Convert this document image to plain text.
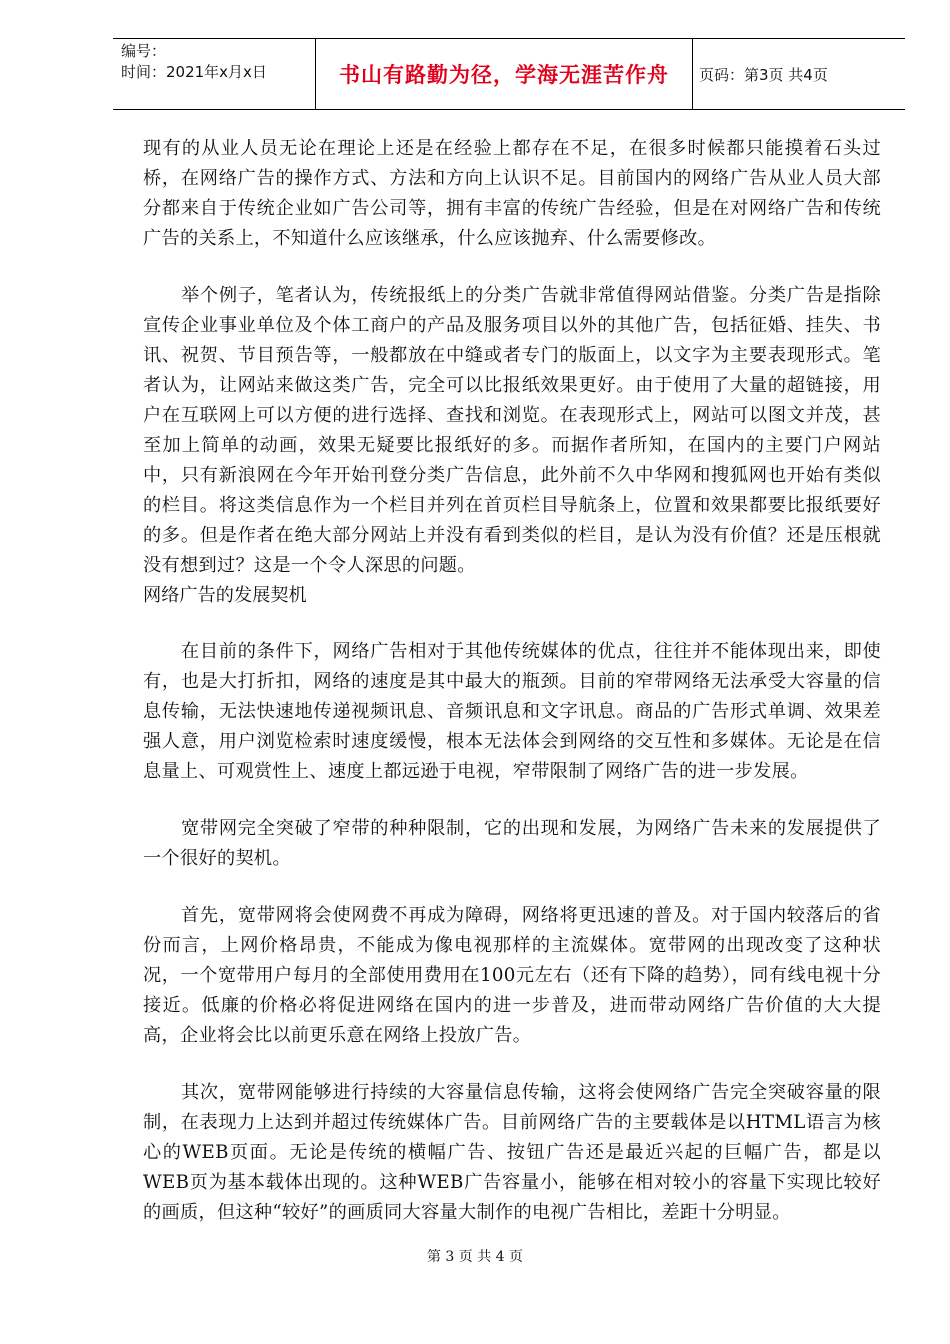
编号：
时间：2021年x月x日	书山有路勤为径，学海无涯苦作舟 页码：第3页 共4页

现有的从业人员无论在理论上还是在经验上都存在不足，在很多时候都只能摸着石头过桥，在网络广告的操作方式、方法和方向上认识不足。目前国内的网络广告从业人员大部分都来自于传统企业如广告公司等，拥有丰富的传统广告经验，但是在对网络广告和传统广告的关系上，不知道什么应该继承，什么应该抛弃、什么需要修改。

举个例子，笔者认为，传统报纸上的分类广告就非常值得网站借鉴。分类广告是指除宣传企业事业单位及个体工商户的产品及服务项目以外的其他广告，包括征婚、挂失、书讯、祝贺、节目预告等，一般都放在中缝或者专门的版面上，以文字为主要表现形式。笔者认为，让网站来做这类广告，完全可以比报纸效果更好。由于使用了大量的超链接，用户在互联网上可以方便的进行选择、查找和浏览。在表现形式上，网站可以图文并茂，甚至加上简单的动画，效果无疑要比报纸好的多。而据作者所知，在国内的主要门户网站中，只有新浪网在今年开始刊登分类广告信息，此外前不久中华网和搜狐网也开始有类似的栏目。将这类信息作为一个栏目并列在首页栏目导航条上，位置和效果都要比报纸要好的多。但是作者在绝大部分网站上并没有看到类似的栏目，是认为没有价值？还是压根就没有想到过？这是一个令人深思的问题。

网络广告的发展契机

在目前的条件下，网络广告相对于其他传统媒体的优点，往往并不能体现出来，即使有，也是大打折扣，网络的速度是其中最大的瓶颈。目前的窄带网络无法承受大容量的信息传输，无法快速地传递视频讯息、音频讯息和文字讯息。商品的广告形式单调、效果差强人意，用户浏览检索时速度缓慢，根本无法体会到网络的交互性和多媒体。无论是在信息量上、可观赏性上、速度上都远逊于电视，窄带限制了网络广告的进一步发展。

宽带网完全突破了窄带的种种限制，它的出现和发展，为网络广告未来的发展提供了一个很好的契机。

首先，宽带网将会使网费不再成为障碍，网络将更迅速的普及。对于国内较落后的省份而言，上网价格昂贵，不能成为像电视那样的主流媒体。宽带网的出现改变了这种状况，一个宽带用户每月的全部使用费用在100元左右（还有下降的趋势），同有线电视十分接近。低廉的价格必将促进网络在国内的进一步普及，进而带动网络广告价值的大大提高，企业将会比以前更乐意在网络上投放广告。

其次，宽带网能够进行持续的大容量信息传输，这将会使网络广告完全突破容量的限制，在表现力上达到并超过传统媒体广告。目前网络广告的主要载体是以HTML语言为核心的WEB页面。无论是传统的横幅广告、按钮广告还是最近兴起的巨幅广告，都是以WEB页为基本载体出现的。这种WEB广告容量小，能够在相对较小的容量下实现比较好的画质，但这种“较好”的画质同大容量大制作的电视广告相比，差距十分明显。

第 3 页 共 4 页
